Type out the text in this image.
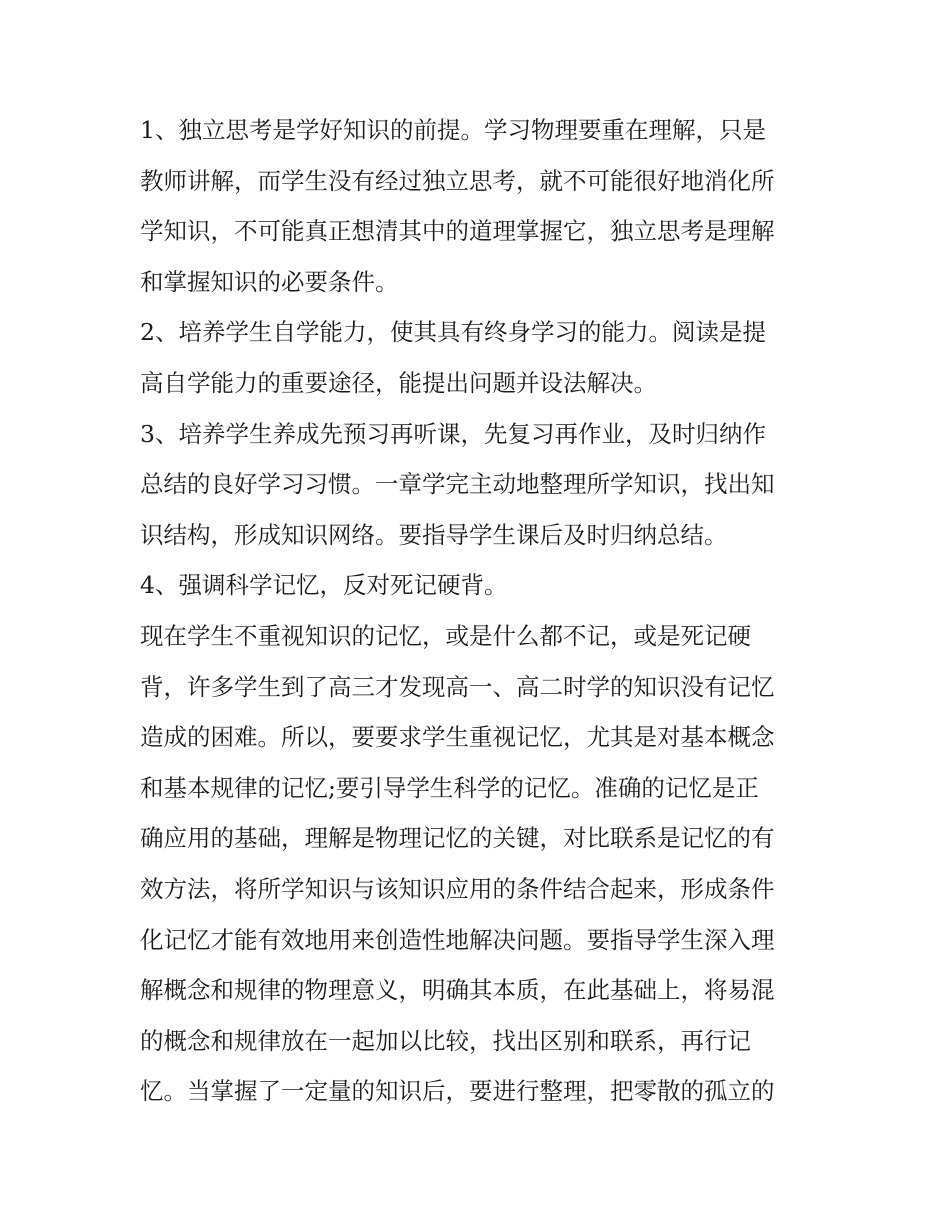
1、独立思考是学好知识的前提。学习物理要重在理解，只是
教师讲解，而学生没有经过独立思考，就不可能很好地消化所
学知识，不可能真正想清其中的道理掌握它，独立思考是理解
和掌握知识的必要条件。
2、培养学生自学能力，使其具有终身学习的能力。阅读是提
高自学能力的重要途径，能提出问题并设法解决。
3、培养学生养成先预习再听课，先复习再作业，及时归纳作
总结的良好学习习惯。一章学完主动地整理所学知识，找出知
识结构，形成知识网络。要指导学生课后及时归纳总结。
4、强调科学记忆，反对死记硬背。
现在学生不重视知识的记忆，或是什么都不记，或是死记硬
背，许多学生到了高三才发现高一、高二时学的知识没有记忆
造成的困难。所以，要要求学生重视记忆，尤其是对基本概念
和基本规律的记忆;要引导学生科学的记忆。准确的记忆是正
确应用的基础，理解是物理记忆的关键，对比联系是记忆的有
效方法，将所学知识与该知识应用的条件结合起来，形成条件
化记忆才能有效地用来创造性地解决问题。要指导学生深入理
解概念和规律的物理意义，明确其本质，在此基础上，将易混
的概念和规律放在一起加以比较，找出区别和联系，再行记
忆。当掌握了一定量的知识后，要进行整理，把零散的孤立的
